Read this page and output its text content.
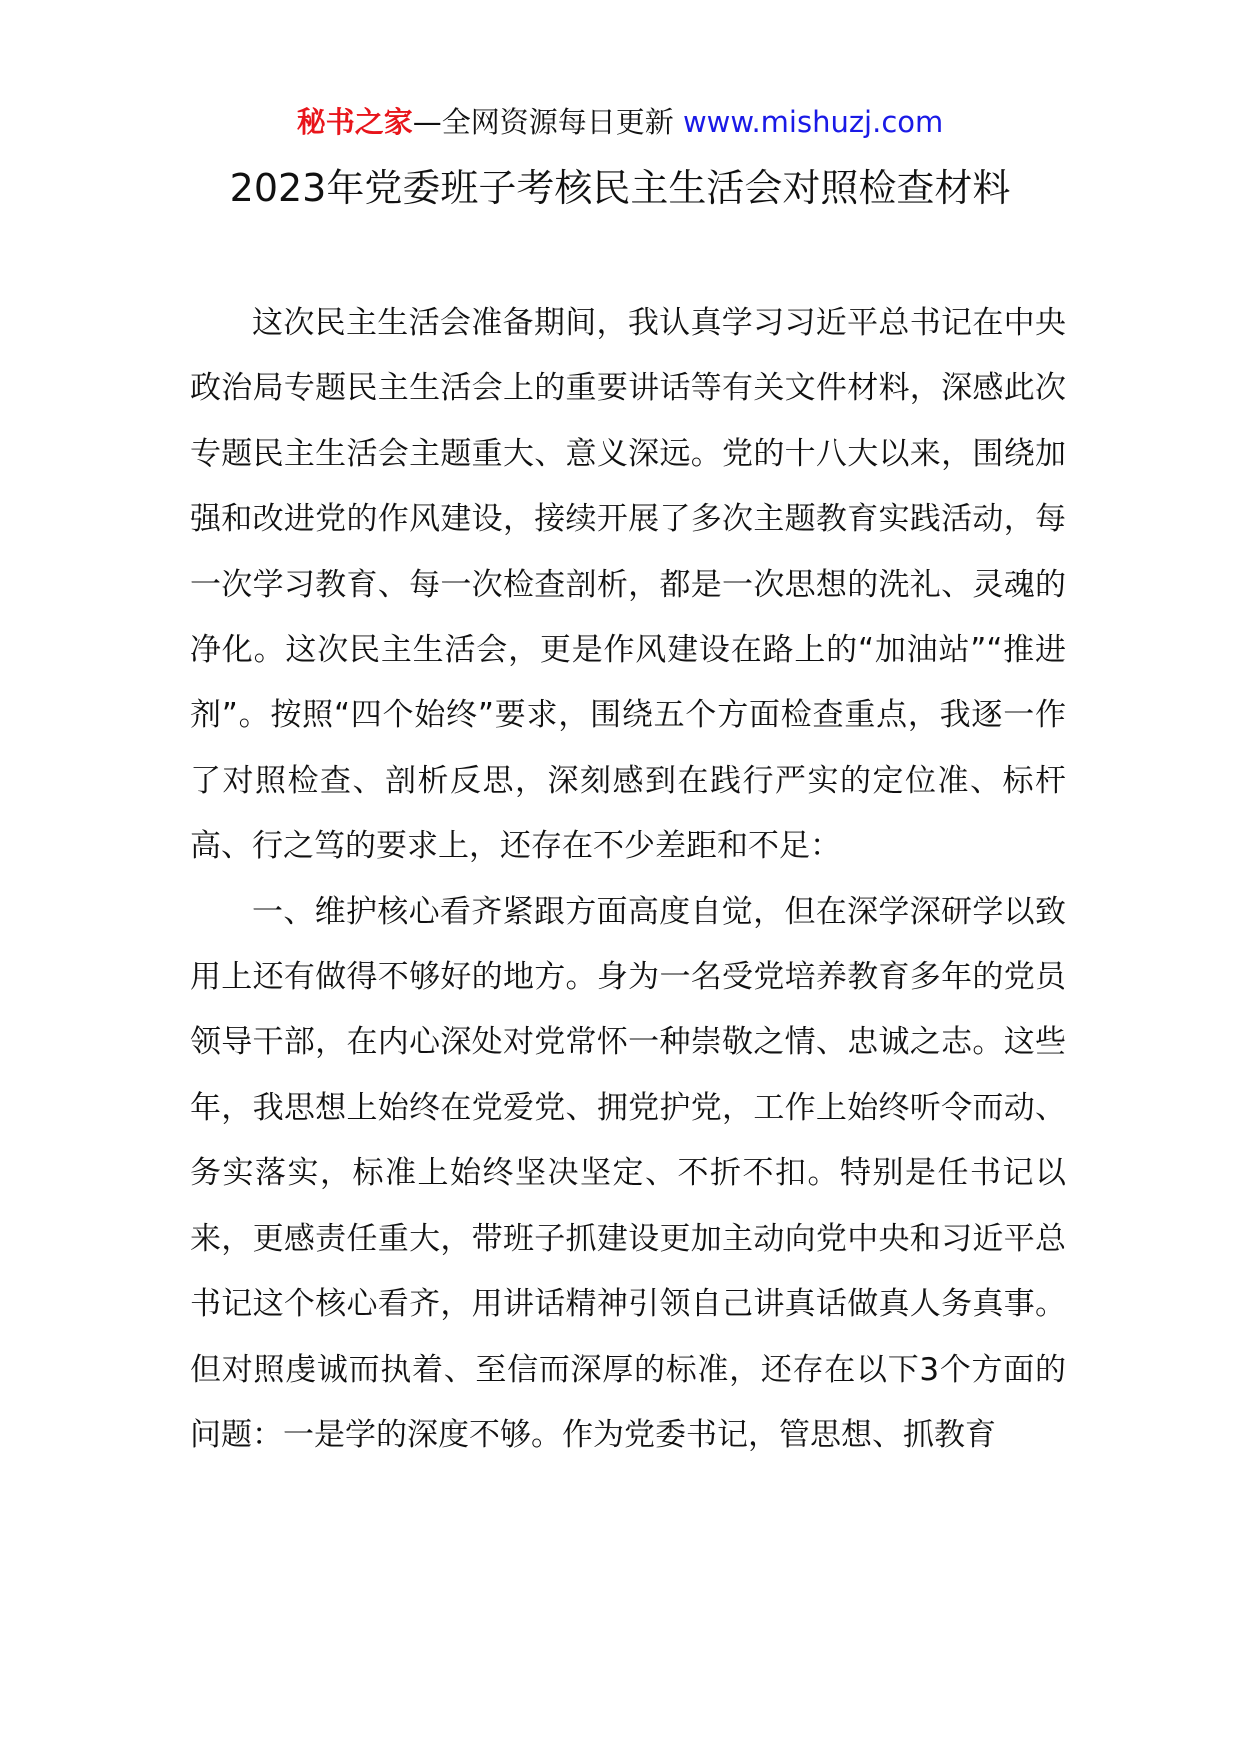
秘书之家—全网资源每日更新 www.mishuzj.com
2023年党委班子考核民主生活会对照检查材料

这次民主生活会准备期间，我认真学习习近平总书记在中央政治局专题民主生活会上的重要讲话等有关文件材料，深感此次专题民主生活会主题重大、意义深远。党的十八大以来，围绕加强和改进党的作风建设，接续开展了多次主题教育实践活动，每一次学习教育、每一次检查剖析，都是一次思想的洗礼、灵魂的净化。这次民主生活会，更是作风建设在路上的“加油站”“推进剂”。按照“四个始终”要求，围绕五个方面检查重点，我逐一作了对照检查、剖析反思，深刻感到在践行严实的定位准、标杆高、行之笃的要求上，还存在不少差距和不足：

一、维护核心看齐紧跟方面高度自觉，但在深学深研学以致用上还有做得不够好的地方。身为一名受党培养教育多年的党员领导干部，在内心深处对党常怀一种崇敬之情、忠诚之志。这些年，我思想上始终在党爱党、拥党护党，工作上始终听令而动、务实落实，标准上始终坚决坚定、不折不扣。特别是任书记以来，更感责任重大，带班子抓建设更加主动向党中央和习近平总书记这个核心看齐，用讲话精神引领自己讲真话做真人务真事。但对照虔诚而执着、至信而深厚的标准，还存在以下3个方面的问题：一是学的深度不够。作为党委书记，管思想、抓教育
